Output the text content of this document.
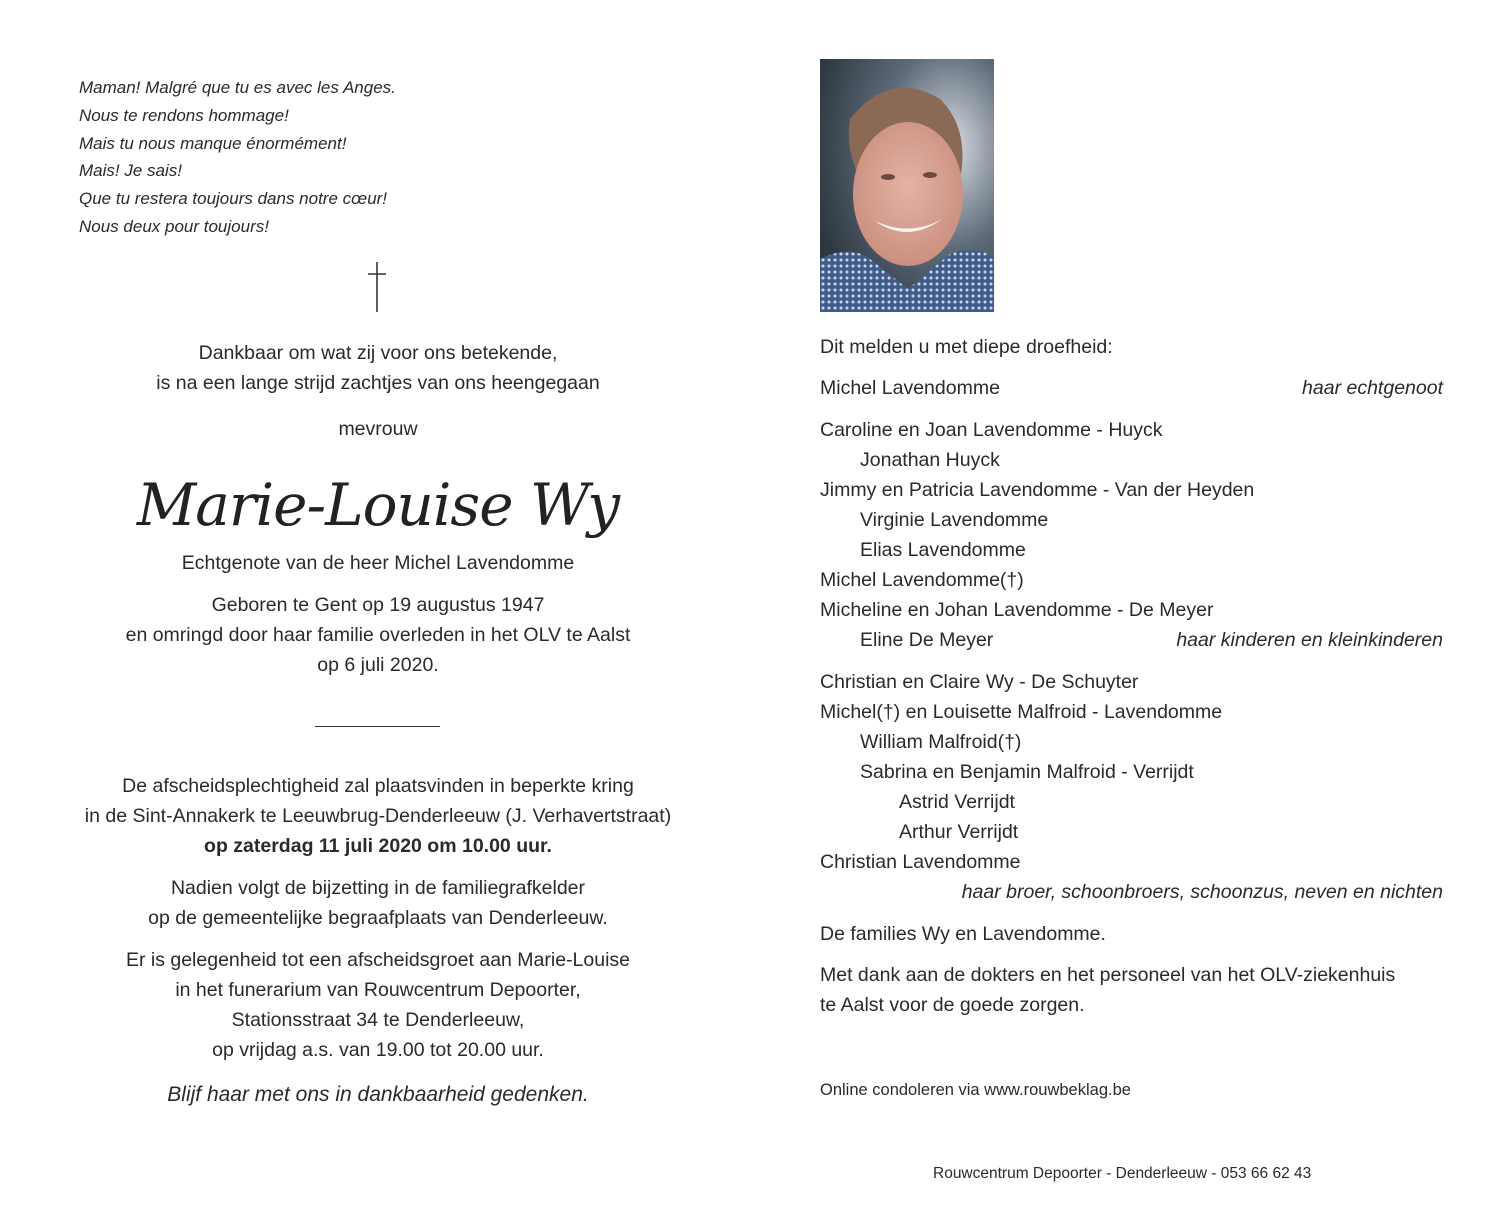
Maman! Malgré que tu es avec les Anges.
Nous te rendons hommage!
Mais tu nous manque énormément!
Mais! Je sais!
Que tu restera toujours dans notre cœur!
Nous deux pour toujours!
Dankbaar om wat zij voor ons betekende,
is na een lange strijd zachtjes van ons heengegaan
mevrouw
Marie-Louise Wy
Echtgenote van de heer Michel Lavendomme
Geboren te Gent op 19 augustus 1947
en omringd door haar familie overleden in het OLV te Aalst
op 6 juli 2020.
De afscheidsplechtigheid zal plaatsvinden in beperkte kring
in de Sint-Annakerk te Leeuwbrug-Denderleeuw (J. Verhavertstraat)
op zaterdag 11 juli 2020 om 10.00 uur.
Nadien volgt de bijzetting in de familiegrafkelder
op de gemeentelijke begraafplaats van Denderleeuw.
Er is gelegenheid tot een afscheidsgroet aan Marie-Louise
in het funerarium van Rouwcentrum Depoorter,
Stationsstraat 34 te Denderleeuw,
op vrijdag a.s. van 19.00 tot 20.00 uur.
Blijf haar met ons in dankbaarheid gedenken.
Dit melden u met diepe droefheid:
Michel Lavendomme	haar echtgenoot
Caroline en Joan Lavendomme - Huyck
Jonathan Huyck
Jimmy en Patricia Lavendomme - Van der Heyden
Virginie Lavendomme
Elias Lavendomme
Michel Lavendomme(†)
Micheline en Johan Lavendomme - De Meyer
Eline De Meyer	haar kinderen en kleinkinderen
Christian en Claire Wy - De Schuyter
Michel(†) en Louisette Malfroid - Lavendomme
William Malfroid(†)
Sabrina en Benjamin Malfroid - Verrijdt
Astrid Verrijdt
Arthur Verrijdt
Christian Lavendomme
haar broer, schoonbroers, schoonzus, neven en nichten
De families Wy en Lavendomme.
Met dank aan de dokters en het personeel van het OLV-ziekenhuis
te Aalst voor de goede zorgen.
Online condoleren via www.rouwbeklag.be
Rouwcentrum Depoorter - Denderleeuw - 053 66 62 43
